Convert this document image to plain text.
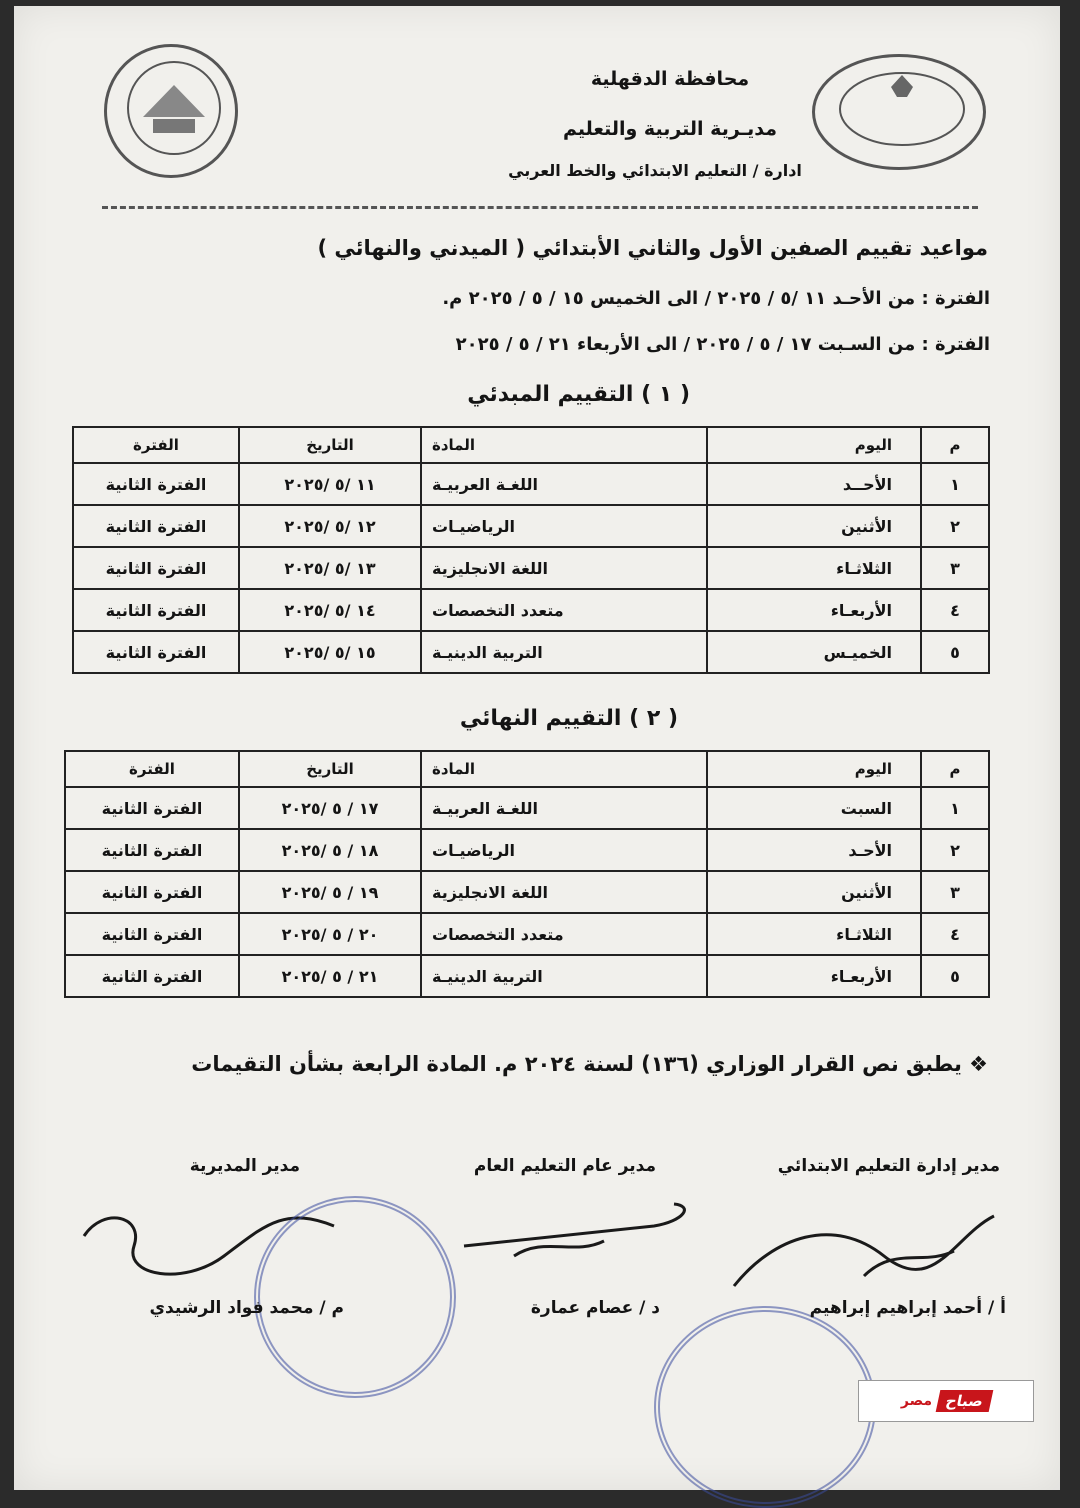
محافظة الدقهلية
مديـرية التربية والتعليم
ادارة / التعليم الابتدائي والخط العربي
مواعيد تقييم الصفين الأول والثاني الأبتدائي ( الميدني والنهائي )
الفترة : من الأحـد ١١ /٥ / ٢٠٢٥ / الى الخميس ١٥ / ٥ / ٢٠٢٥ م.
الفترة : من السـبت ١٧ / ٥ / ٢٠٢٥ / الى الأربعاء ٢١ / ٥ / ٢٠٢٥
( ١ ) التقييم المبدئي
م	اليوم	المادة	التاريخ	الفترة
١	الأحــد	اللغـة العربيـة	١١ /٥ /٢٠٢٥	الفترة الثانية
٢	الأثنين	الرياضيـات	١٢ /٥ /٢٠٢٥	الفترة الثانية
٣	الثلاثـاء	اللغة الانجليزية	١٣ /٥ /٢٠٢٥	الفترة الثانية
٤	الأربعـاء	متعدد التخصصات	١٤ /٥ /٢٠٢٥	الفترة الثانية
٥	الخميـس	التربية الدينيـة	١٥ /٥ /٢٠٢٥	الفترة الثانية
( ٢ ) التقييم النهائي
م	اليوم	المادة	التاريخ	الفترة
١	السبت	اللغـة العربيـة	١٧ / ٥ /٢٠٢٥	الفترة الثانية
٢	الأحـد	الرياضيـات	١٨ / ٥ /٢٠٢٥	الفترة الثانية
٣	الأثنين	اللغة الانجليزية	١٩ / ٥ /٢٠٢٥	الفترة الثانية
٤	الثلاثـاء	متعدد التخصصات	٢٠ / ٥ /٢٠٢٥	الفترة الثانية
٥	الأربعـاء	التربية الدينيـة	٢١ / ٥ /٢٠٢٥	الفترة الثانية
❖ يطبق نص القرار الوزاري (١٣٦) لسنة ٢٠٢٤ م. المادة الرابعة بشأن التقيمات
مدير إدارة التعليم الابتدائي
مدير عام التعليم العام
مدير المديرية
أ / أحمد إبراهيم إبراهيم
د / عصام عمارة
م / محمد فواد الرشيدي
صباح
مصر
